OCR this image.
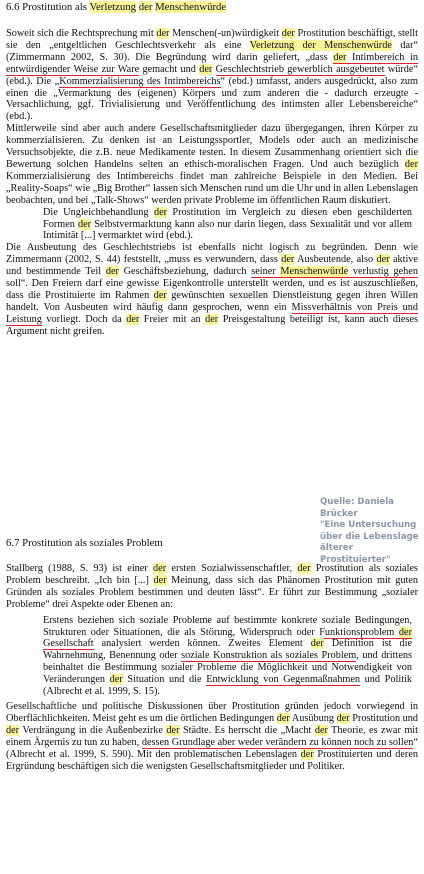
6.6 Prostitution als Verletzung der Menschenwürde

Soweit sich die Rechtsprechung mit der Menschen(-un)würdigkeit der Prostitution beschäftigt, stellt sie den „entgeltlichen Geschlechtsverkehr als eine Verletzung der Menschenwürde dar“ (Zimmermann 2002, S. 30). Die Begründung wird darin geliefert, „dass der Intimbereich in entwürdigender Weise zur Ware gemacht und der Geschlechtstrieb gewerblich ausgebeutet würde“ (ebd.). Die „Kommerzialisierung des Intimbereichs“ (ebd.) umfasst, anders ausgedrückt, also zum einen die „Vermarktung des (eigenen) Körpers und zum anderen die - dadurch erzeugte - Versachlichung, ggf. Trivialisierung und Veröffentlichung des intimsten aller Lebensbereiche“ (ebd.).

Mittlerweile sind aber auch andere Gesellschaftsmitglieder dazu übergegangen, ihren Körper zu kommerzialisieren. Zu denken ist an Leistungssportler, Models oder auch an medizinische Versuchsobjekte, die z.B. neue Medikamente testen. In diesem Zusammenhang orientiert sich die Bewertung solchen Handelns selten an ethisch-moralischen Fragen. Und auch bezüglich der Kommerzialisierung des Intimbereichs findet man zahlreiche Beispiele in den Medien. Bei „Reality-Soaps“ wie „Big Brother“ lassen sich Menschen rund um die Uhr und in allen Lebenslagen beobachten, und bei „Talk-Shows“ werden private Probleme im öffentlichen Raum diskutiert.

Die Ungleichbehandlung der Prostitution im Vergleich zu diesen eben geschilderten Formen der Selbstvermarktung kann also nur darin liegen, dass Sexualität und vor allem Intimität [...] vermarktet wird (ebd.).

Die Ausbeutung des Geschlechtstriebs ist ebenfalls nicht logisch zu begründen. Denn wie Zimmermann (2002, S. 44) feststellt, „muss es verwundern, dass der Ausbeutende, also der aktive und bestimmende Teil der Geschäftsbeziehung, dadurch seiner Menschenwürde verlustig gehen soll“. Den Freiern darf eine gewisse Eigenkontrolle unterstellt werden, und es ist auszuschließen, dass die Prostituierte im Rahmen der gewünschten sexuellen Dienstleistung gegen ihren Willen handelt. Von Ausbeuten wird häufig dann gesprochen, wenn ein Missverhältnis von Preis und Leistung vorliegt. Doch da der Freier mit an der Preisgestaltung beteiligt ist, kann auch dieses Argument nicht greifen.

6.7 Prostitution als soziales Problem

Stallberg (1988, S. 93) ist einer der ersten Sozialwissenschaftler, der Prostitution als soziales Problem beschreibt. „Ich bin [...] der Meinung, dass sich das Phänomen Prostitution mit guten Gründen als soziales Problem bestimmen und deuten lässt“. Er führt zur Bestimmung „sozialer Probleme“ drei Aspekte oder Ebenen an:

Erstens beziehen sich soziale Probleme auf bestimmte konkrete soziale Bedingungen, Strukturen oder Situationen, die als Störung, Widerspruch oder Funktionsproblem der Gesellschaft analysiert werden können. Zweites Element der Definition ist die Wahrnehmung, Benennung oder soziale Konstruktion als soziales Problem, und drittens beinhaltet die Bestimmung sozialer Probleme die Möglichkeit und Notwendigkeit von Veränderungen der Situation und die Entwicklung von Gegenmaßnahmen und Politik (Albrecht et al. 1999, S. 15).

Gesellschaftliche und politische Diskussionen über Prostitution gründen jedoch vorwiegend in Oberflächlichkeiten. Meist geht es um die örtlichen Bedingungen der Ausübung der Prostitution und der Verdrängung in die Außenbezirke der Städte. Es herrscht die „Macht der Theorie, es zwar mit einem Ärgernis zu tun zu haben, dessen Grundlage aber weder verändern zu können noch zu sollen“ (Albrecht et al. 1999, S. 590). Mit den problematischen Lebenslagen der Prostituierten und deren Ergründung beschäftigen sich die wenigsten Gesellschaftsmitglieder und Politiker.

Quelle: Daniela Brücker
"Eine Untersuchung
über die Lebenslage
älterer Prostituierter"
